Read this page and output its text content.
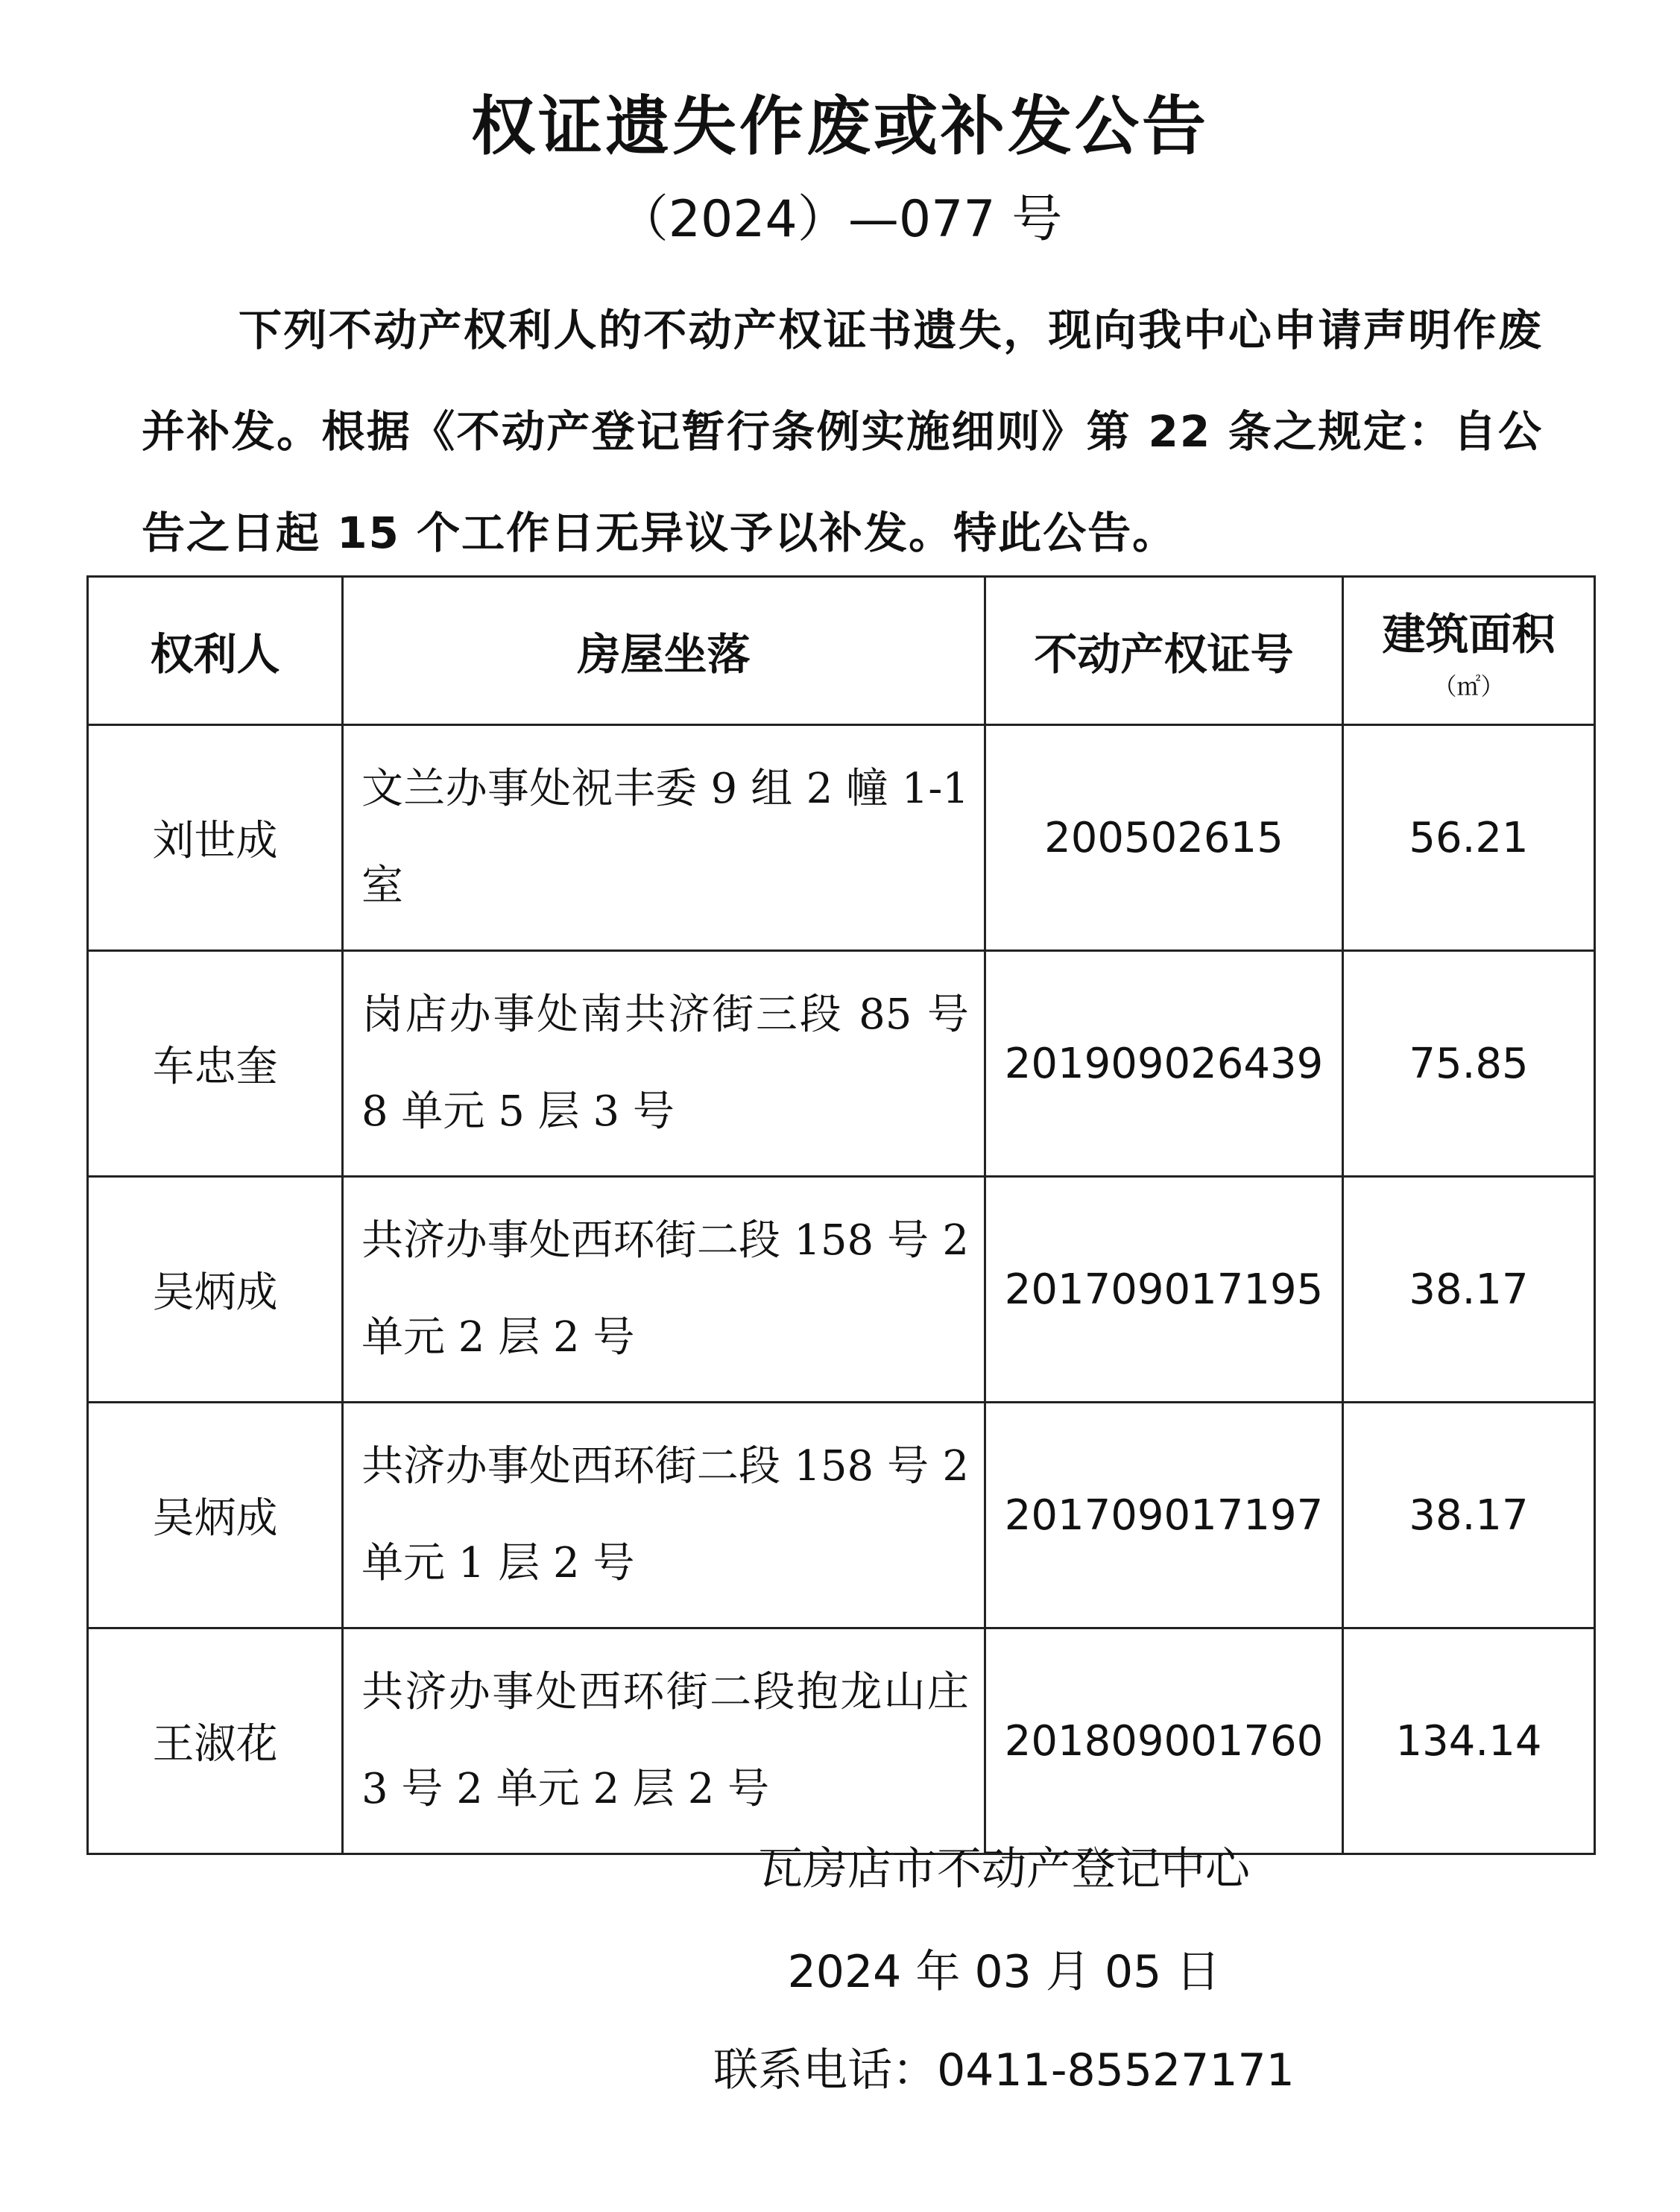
权证遗失作废或补发公告
（2024）—077 号
下列不动产权利人的不动产权证书遗失，现向我中心申请声明作废并补发。根据《不动产登记暂行条例实施细则》第 22 条之规定：自公告之日起 15 个工作日无异议予以补发。特此公告。
权利人	房屋坐落	不动产权证号	建筑面积
（㎡）

刘世成	文兰办事处祝丰委 9 组 2 幢 1-1 室	200502615	56.21
车忠奎	岗店办事处南共济街三段 85 号 8 单元 5 层 3 号	201909026439	75.85
吴炳成	共济办事处西环街二段 158 号 2 单元 2 层 2 号	201709017195	38.17
吴炳成	共济办事处西环街二段 158 号 2 单元 1 层 2 号	201709017197	38.17
王淑花	共济办事处西环街二段抱龙山庄 3 号 2 单元 2 层 2 号	201809001760	134.14
瓦房店市不动产登记中心
2024 年 03 月 05 日
联系电话：0411-85527171
